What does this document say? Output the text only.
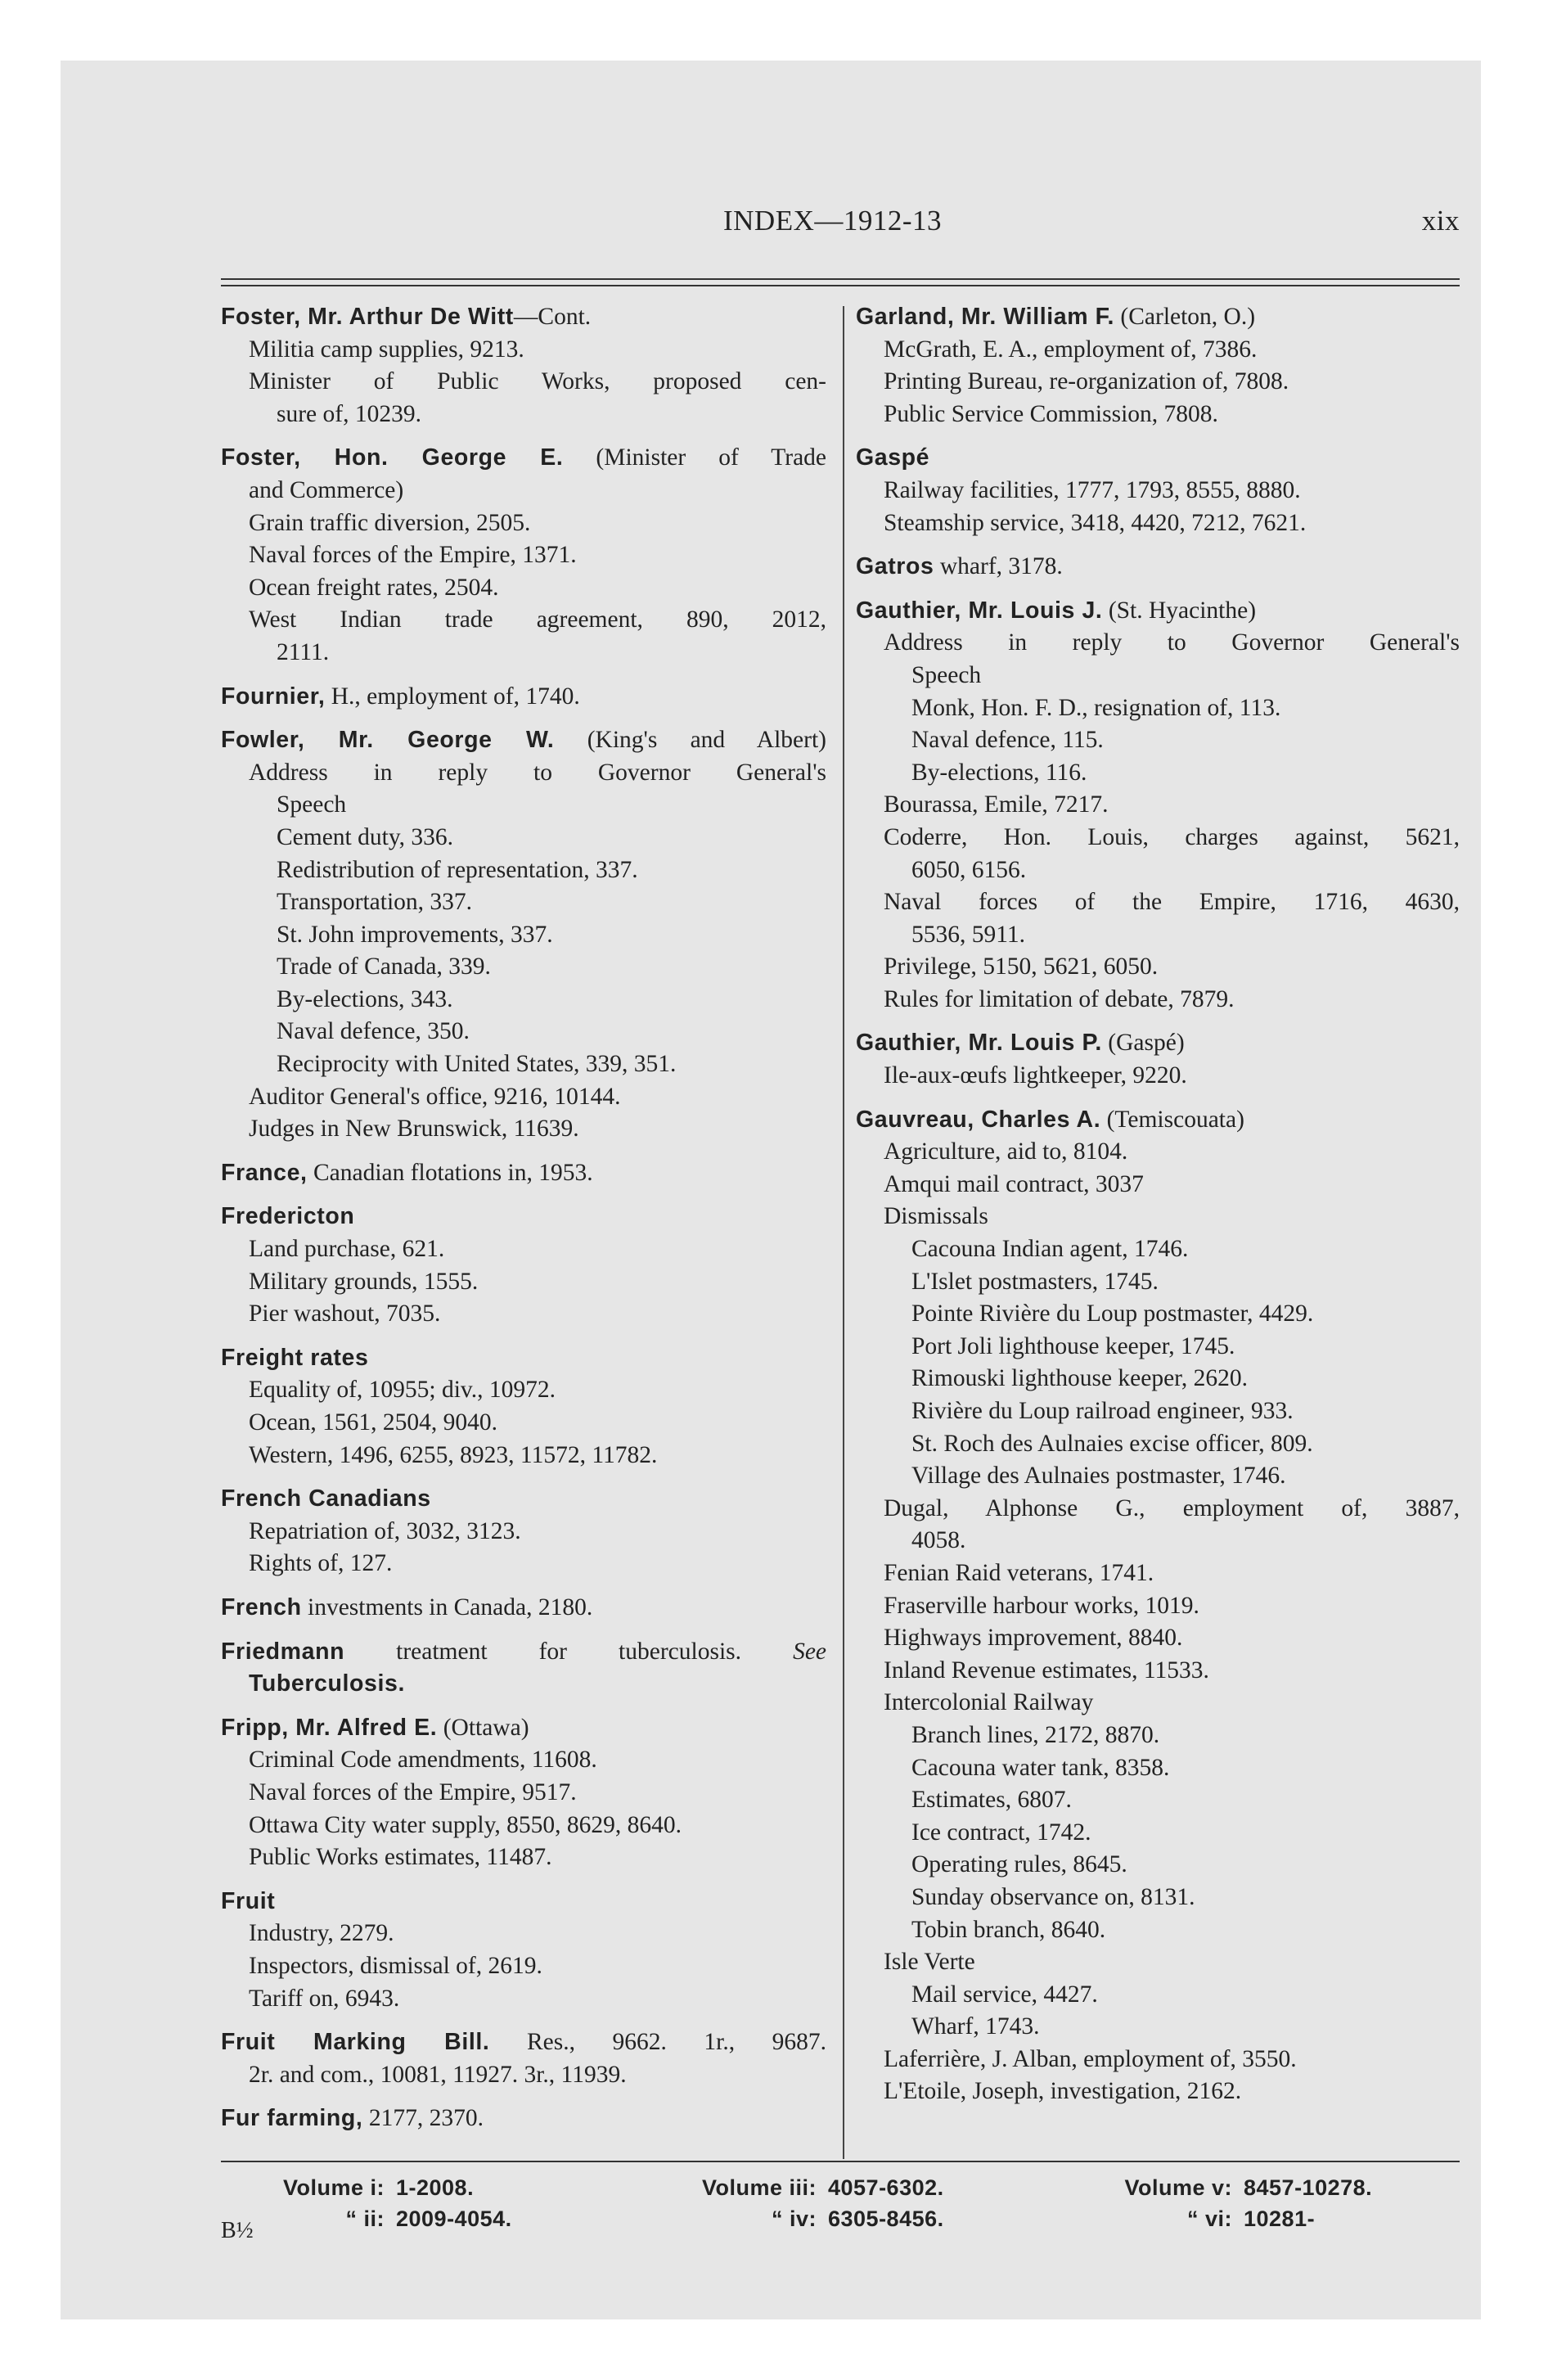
INDEX—1912-13	xix
Foster, Mr. Arthur De Witt—Cont.
Militia camp supplies, 9213.
Minister of Public Works, proposed cen-
sure of, 10239.
Foster, Hon. George E. (Minister of Trade
and Commerce)
Grain traffic diversion, 2505.
Naval forces of the Empire, 1371.
Ocean freight rates, 2504.
West Indian trade agreement, 890, 2012,
2111.
Fournier, H., employment of, 1740.
Fowler, Mr. George W. (King's and Albert)
Address in reply to Governor General's
Speech
Cement duty, 336.
Redistribution of representation, 337.
Transportation, 337.
St. John improvements, 337.
Trade of Canada, 339.
By-elections, 343.
Naval defence, 350.
Reciprocity with United States, 339, 351.
Auditor General's office, 9216, 10144.
Judges in New Brunswick, 11639.
France, Canadian flotations in, 1953.
Fredericton
Land purchase, 621.
Military grounds, 1555.
Pier washout, 7035.
Freight rates
Equality of, 10955; div., 10972.
Ocean, 1561, 2504, 9040.
Western, 1496, 6255, 8923, 11572, 11782.
French Canadians
Repatriation of, 3032, 3123.
Rights of, 127.
French investments in Canada, 2180.
Friedmann treatment for tuberculosis. See
Tuberculosis.
Fripp, Mr. Alfred E. (Ottawa)
Criminal Code amendments, 11608.
Naval forces of the Empire, 9517.
Ottawa City water supply, 8550, 8629, 8640.
Public Works estimates, 11487.
Fruit
Industry, 2279.
Inspectors, dismissal of, 2619.
Tariff on, 6943.
Fruit Marking Bill. Res., 9662. 1r., 9687.
2r. and com., 10081, 11927. 3r., 11939.
Fur farming, 2177, 2370.
Garland, Mr. William F. (Carleton, O.)
McGrath, E. A., employment of, 7386.
Printing Bureau, re-organization of, 7808.
Public Service Commission, 7808.
Gaspé
Railway facilities, 1777, 1793, 8555, 8880.
Steamship service, 3418, 4420, 7212, 7621.
Gatros wharf, 3178.
Gauthier, Mr. Louis J. (St. Hyacinthe)
Address in reply to Governor General's
Speech
Monk, Hon. F. D., resignation of, 113.
Naval defence, 115.
By-elections, 116.
Bourassa, Emile, 7217.
Coderre, Hon. Louis, charges against, 5621,
6050, 6156.
Naval forces of the Empire, 1716, 4630,
5536, 5911.
Privilege, 5150, 5621, 6050.
Rules for limitation of debate, 7879.
Gauthier, Mr. Louis P. (Gaspé)
Ile-aux-œufs lightkeeper, 9220.
Gauvreau, Charles A. (Temiscouata)
Agriculture, aid to, 8104.
Amqui mail contract, 3037
Dismissals
Cacouna Indian agent, 1746.
L'Islet postmasters, 1745.
Pointe Rivière du Loup postmaster, 4429.
Port Joli lighthouse keeper, 1745.
Rimouski lighthouse keeper, 2620.
Rivière du Loup railroad engineer, 933.
St. Roch des Aulnaies excise officer, 809.
Village des Aulnaies postmaster, 1746.
Dugal, Alphonse G., employment of, 3887,
4058.
Fenian Raid veterans, 1741.
Fraserville harbour works, 1019.
Highways improvement, 8840.
Inland Revenue estimates, 11533.
Intercolonial Railway
Branch lines, 2172, 8870.
Cacouna water tank, 8358.
Estimates, 6807.
Ice contract, 1742.
Operating rules, 8645.
Sunday observance on, 8131.
Tobin branch, 8640.
Isle Verte
Mail service, 4427.
Wharf, 1743.
Laferrière, J. Alban, employment of, 3550.
L'Etoile, Joseph, investigation, 2162.
Volume i: 1-2008.
“ ii: 2009-4054.
Volume iii: 4057-6302.
“ iv: 6305-8456.
Volume v: 8457-10278.
“ vi: 10281-
B½
